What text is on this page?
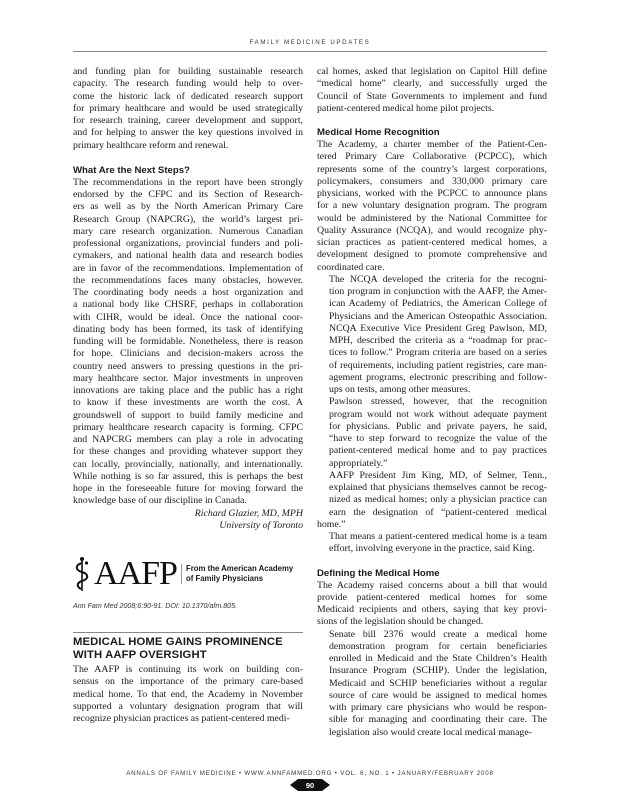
FAMILY MEDICINE UPDATES

and funding plan for building sustainable research
capacity. The research funding would help to over-
come the historic lack of dedicated research support
for primary healthcare and would be used strategically
for research training, career development and support,
and for helping to answer the key questions involved in
primary healthcare reform and renewal.

What Are the Next Steps?

The recommendations in the report have been strongly
endorsed by the CFPC and its Section of Research-
ers as well as by the North American Primary Care
Research Group (NAPCRG), the world’s largest pri-
mary care research organization. Numerous Canadian
professional organizations, provincial funders and poli-
cymakers, and national health data and research bodies
are in favor of the recommendations. Implementation of
the recommendations faces many obstacles, however.
The coordinating body needs a host organization and
a national body like CHSRF, perhaps in collaboration
with CIHR, would be ideal. Once the national coor-
dinating body has been formed, its task of identifying
funding will be formidable. Nonetheless, there is reason
for hope. Clinicians and decision-makers across the
country need answers to pressing questions in the pri-
mary healthcare sector. Major investments in unproven
innovations are taking place and the public has a right
to know if these investments are worth the cost. A
groundswell of support to build family medicine and
primary healthcare research capacity is forming. CFPC
and NAPCRG members can play a role in advocating
for these changes and providing whatever support they
can locally, provincially, nationally, and internationally.
While nothing is so far assured, this is perhaps the best
hope in the foreseeable future for moving forward the
knowledge base of our discipline in Canada.

Richard Glazier, MD, MPH

University of Toronto

AAFP From the American Academy
of Family Physicians

Ann Fam Med 2008;6:90-91. DOI: 10.1370/afm.805.

MEDICAL HOME GAINS PROMINENCE
WITH AAFP OVERSIGHT

The AAFP is continuing its work on building con-
sensus on the importance of the primary care-based
medical home. To that end, the Academy in November
supported a voluntary designation program that will
recognize physician practices as patient-centered medi-

cal homes, asked that legislation on Capitol Hill define
“medical home” clearly, and successfully urged the
Council of State Governments to implement and fund
patient-centered medical home pilot projects.

Medical Home Recognition

The Academy, a charter member of the Patient-Cen-
tered Primary Care Collaborative (PCPCC), which
represents some of the country’s largest corporations,
policymakers, consumers and 330,000 primary care
physicians, worked with the PCPCC to announce plans
for a new voluntary designation program. The program
would be administered by the National Committee for
Quality Assurance (NCQA), and would recognize phy-
sician practices as patient-centered medical homes, a
development designed to promote comprehensive and
coordinated care.

The NCQA developed the criteria for the recogni-
tion program in conjunction with the AAFP, the Amer-
ican Academy of Pediatrics, the American College of
Physicians and the American Osteopathic Association.
NCQA Executive Vice President Greg Pawlson, MD,
MPH, described the criteria as a “roadmap for prac-
tices to follow.” Program criteria are based on a series
of requirements, including patient registries, care man-
agement programs, electronic prescribing and follow-
ups on tests, among other measures.

Pawlson stressed, however, that the recognition
program would not work without adequate payment
for physicians. Public and private payers, he said,
“have to step forward to recognize the value of the
patient-centered medical home and to pay practices
appropriately.”

AAFP President Jim King, MD, of Selmer, Tenn.,
explained that physicians themselves cannot be recog-
nized as medical homes; only a physician practice can
earn the designation of “patient-centered medical home.”
That means a patient-centered medical home is a team
effort, involving everyone in the practice, said King.

Defining the Medical Home

The Academy raised concerns about a bill that would
provide patient-centered medical homes for some
Medicaid recipients and others, saying that key provi-
sions of the legislation should be changed.

Senate bill 2376 would create a medical home
demonstration program for certain beneficiaries
enrolled in Medicaid and the State Children’s Health
Insurance Program (SCHIP). Under the legislation,
Medicaid and SCHIP beneficiaries without a regular
source of care would be assigned to medical homes
with primary care physicians who would be respon-
sible for managing and coordinating their care. The
legislation also would create local medical manage-

ANNALS OF FAMILY MEDICINE • WWW.ANNFAMMED.ORG • VOL. 6, NO. 1 • JANUARY/FEBRUARY 2008
90
